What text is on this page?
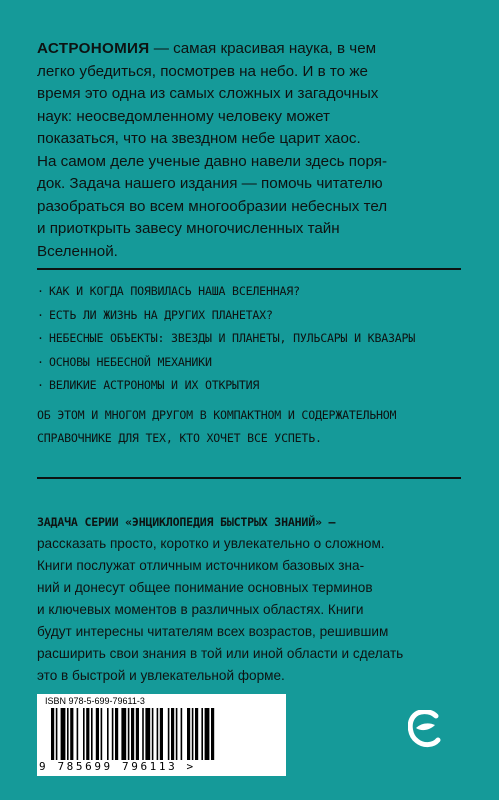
АСТРОНОМИЯ — самая красивая наука, в чем
легко убедиться, посмотрев на небо. И в то же
время это одна из самых сложных и загадочных
наук: неосведомленному человеку может
показаться, что на звездном небе царит хаос.
На самом деле ученые давно навели здесь поря-
док. Задача нашего издания — помочь читателю
разобраться во всем многообразии небесных тел
и приоткрыть завесу многочисленных тайн
Вселенной.
· КАК И КОГДА ПОЯВИЛАСЬ НАША ВСЕЛЕННАЯ?
· ЕСТЬ ЛИ ЖИЗНЬ НА ДРУГИХ ПЛАНЕТАХ?
· НЕБЕСНЫЕ ОБЪЕКТЫ: ЗВЕЗДЫ И ПЛАНЕТЫ, ПУЛЬСАРЫ И КВАЗАРЫ
· ОСНОВЫ НЕБЕСНОЙ МЕХАНИКИ
· ВЕЛИКИЕ АСТРОНОМЫ И ИХ ОТКРЫТИЯ
ОБ ЭТОМ И МНОГОМ ДРУГОМ В КОМПАКТНОМ И СОДЕРЖАТЕЛЬНОМ
СПРАВОЧНИКЕ ДЛЯ ТЕХ, КТО ХОЧЕТ ВСЕ УСПЕТЬ.
ЗАДАЧА СЕРИИ «ЭНЦИКЛОПЕДИЯ БЫСТРЫХ ЗНАНИЙ» —
рассказать просто, коротко и увлекательно о сложном.
Книги послужат отличным источником базовых зна-
ний и донесут общее понимание основных терминов
и ключевых моментов в различных областях. Книги
будут интересны читателям всех возрастов, решившим
расширить свои знания в той или иной области и сделать
это в быстрой и увлекательной форме.
ISBN 978-5-699-79611-3
9 785699 796113 >
